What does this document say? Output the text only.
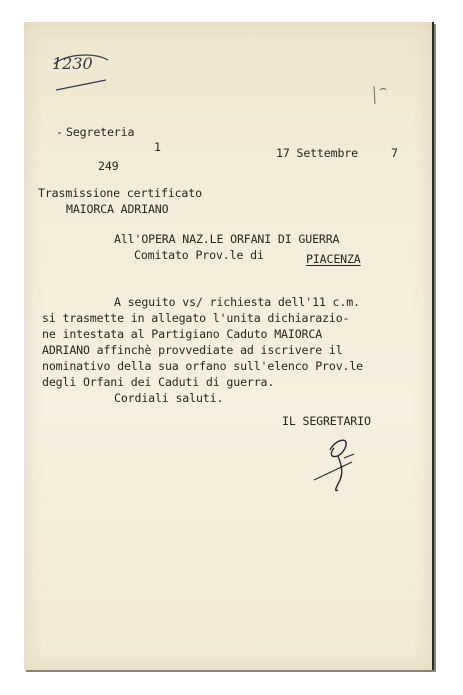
1230
- Segreteria
1	17 Settembre	7
249
Trasmissione certificato
MAIORCA ADRIANO
All'OPERA NAZ.LE ORFANI DI GUERRA
Comitato Prov.le di	PIACENZA
A seguito vs/ richiesta dell'11 c.m.
si trasmette in allegato l'unita dichiarazio-
ne intestata al Partigiano Caduto MAIORCA
ADRIANO affinchè provvediate ad iscrivere il
nominativo della sua orfano sull'elenco Prov.le
degli Orfani dei Caduti di guerra.
Cordiali saluti.
IL SEGRETARIO
